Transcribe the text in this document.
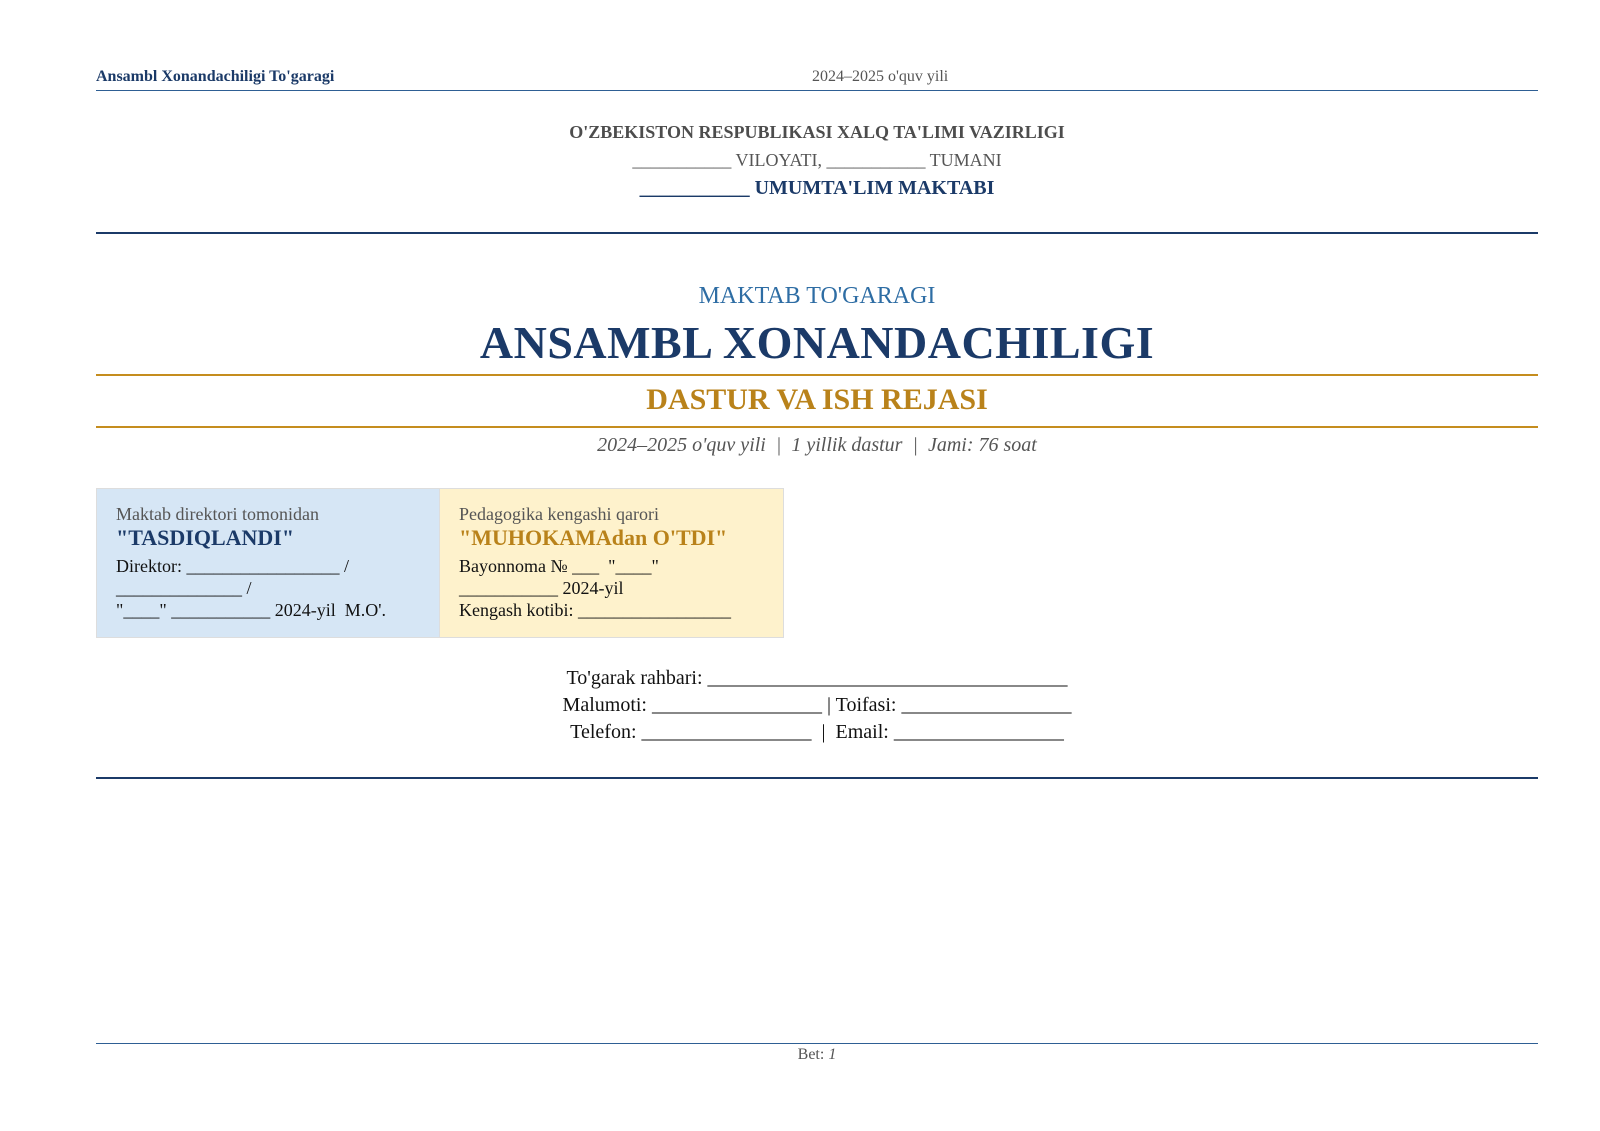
Ansambl Xonandachiligi To'garagi	2024–2025 o'quv yili
O'ZBEKISTON RESPUBLIKASI XALQ TA'LIMI VAZIRLIGI
___________ VILOYATI, ___________ TUMANI
___________ UMUMTA'LIM MAKTABI
MAKTAB TO'GARAGI
ANSAMBL XONANDACHILIGI
DASTUR VA ISH REJASI
2024–2025 o'quv yili  |  1 yillik dastur  |  Jami: 76 soat
Maktab direktori tomonidan
"TASDIQLANDI"
Direktor: _________________ /
______________ /
"____" ___________ 2024-yil  M.O'.
Pedagogika kengashi qarori
"MUHOKAMAdan O'TDI"
Bayonnoma № ___  "____"
___________ 2024-yil
Kengash kotibi: _________________
To'garak rahbari: ____________________________________
Malumoti: _________________ | Toifasi: _________________
Telefon: _________________  |  Email: _________________
Bet: 1
